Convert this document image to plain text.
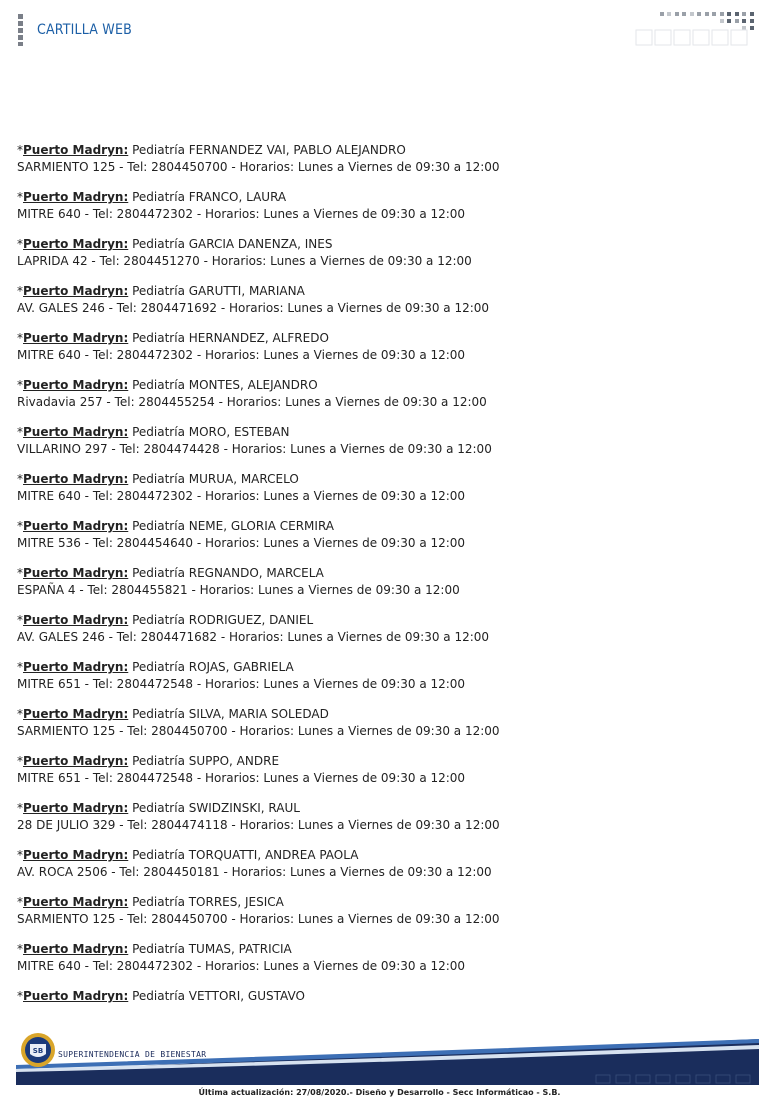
CARTILLA WEB
*Puerto Madryn: Pediatría FERNANDEZ VAI, PABLO ALEJANDRO
SARMIENTO 125 - Tel: 2804450700 - Horarios: Lunes a Viernes de 09:30 a 12:00
*Puerto Madryn: Pediatría FRANCO, LAURA
MITRE 640 - Tel: 2804472302 - Horarios: Lunes a Viernes de 09:30 a 12:00
*Puerto Madryn: Pediatría GARCIA DANENZA, INES
LAPRIDA 42 - Tel: 2804451270 - Horarios: Lunes a Viernes de 09:30 a 12:00
*Puerto Madryn: Pediatría GARUTTI, MARIANA
AV. GALES 246 - Tel: 2804471692 - Horarios: Lunes a Viernes de 09:30 a 12:00
*Puerto Madryn: Pediatría HERNANDEZ, ALFREDO
MITRE 640 - Tel: 2804472302 - Horarios: Lunes a Viernes de 09:30 a 12:00
*Puerto Madryn: Pediatría MONTES, ALEJANDRO
Rivadavia 257 - Tel: 2804455254 - Horarios: Lunes a Viernes de 09:30 a 12:00
*Puerto Madryn: Pediatría MORO, ESTEBAN
VILLARINO 297 - Tel: 2804474428 - Horarios: Lunes a Viernes de 09:30 a 12:00
*Puerto Madryn: Pediatría MURUA, MARCELO
MITRE 640 - Tel: 2804472302 - Horarios: Lunes a Viernes de 09:30 a 12:00
*Puerto Madryn: Pediatría NEME, GLORIA CERMIRA
MITRE 536 - Tel: 2804454640 - Horarios: Lunes a Viernes de 09:30 a 12:00
*Puerto Madryn: Pediatría REGNANDO, MARCELA
ESPAÑA 4 - Tel: 2804455821 - Horarios: Lunes a Viernes de 09:30 a 12:00
*Puerto Madryn: Pediatría RODRIGUEZ, DANIEL
AV. GALES 246 - Tel: 2804471682 - Horarios: Lunes a Viernes de 09:30 a 12:00
*Puerto Madryn: Pediatría ROJAS, GABRIELA
MITRE 651 - Tel: 2804472548 - Horarios: Lunes a Viernes de 09:30 a 12:00
*Puerto Madryn: Pediatría SILVA, MARIA SOLEDAD
SARMIENTO 125 - Tel: 2804450700 - Horarios: Lunes a Viernes de 09:30 a 12:00
*Puerto Madryn: Pediatría SUPPO, ANDRE
MITRE 651 - Tel: 2804472548 - Horarios: Lunes a Viernes de 09:30 a 12:00
*Puerto Madryn: Pediatría SWIDZINSKI, RAUL
28 DE JULIO 329 - Tel: 2804474118 - Horarios: Lunes a Viernes de 09:30 a 12:00
*Puerto Madryn: Pediatría TORQUATTI, ANDREA PAOLA
AV. ROCA 2506 - Tel: 2804450181 - Horarios: Lunes a Viernes de 09:30 a 12:00
*Puerto Madryn: Pediatría TORRES, JESICA
SARMIENTO 125 - Tel: 2804450700 - Horarios: Lunes a Viernes de 09:30 a 12:00
*Puerto Madryn: Pediatría TUMAS, PATRICIA
MITRE 640 - Tel: 2804472302 - Horarios: Lunes a Viernes de 09:30 a 12:00
*Puerto Madryn: Pediatría VETTORI, GUSTAVO
SB SUPERINTENDENCIA DE BIENESTAR
Última actualización: 27/08/2020.- Diseño y Desarrollo - Secc Informáticao - S.B.
